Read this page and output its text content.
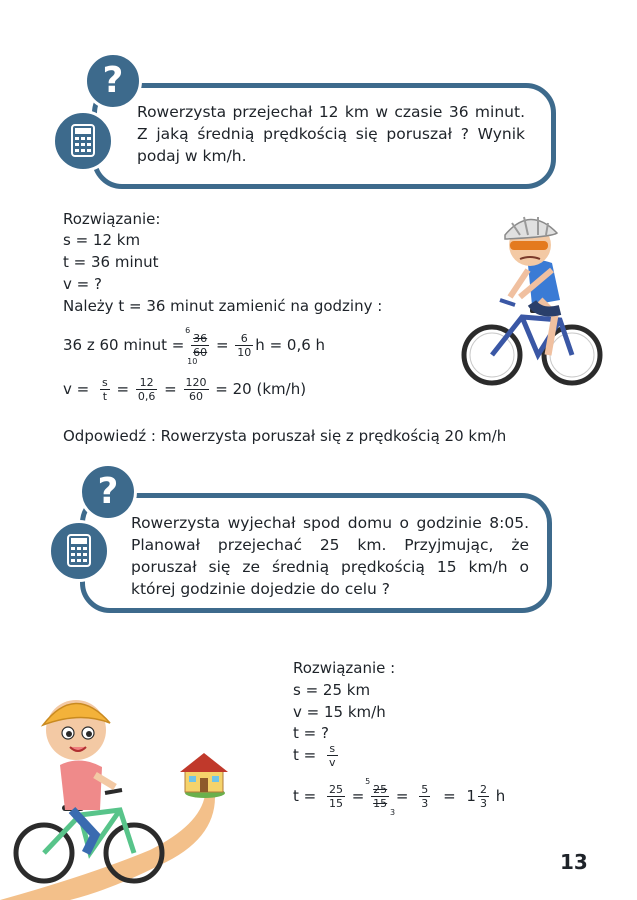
?
Rowerzysta przejechał 12 km w czasie 36 minut. Z jaką średnią prędkością się poruszał ? Wynik podaj w km/h.
Rozwiązanie:
s = 12 km
t = 36 minut
v = ?
Należy t = 36 minut zamienić na godziny :
36 z 60 minut =
6
36
60
10
= $\frac{6}{10}$ h = 0,6 h
$v = \frac{s}{t} = \frac{12}{0,6} = \frac{120}{60} = 20$ (km/h)
Odpowiedź : Rowerzysta poruszał się z prędkością 20 km/h
?
Rowerzysta wyjechał spod domu o godzinie 8:05. Planował przejechać 25 km. Przyjmując, że poruszał się ze średnią prędkością 15 km/h o której godzinie dojedzie do celu ?
Rozwiązanie :
s = 25 km
v = 15 km/h
t = ?
$t = \frac{s}{v}$
$t = \frac{25}{15}$ =
5
25
15
3
= $\frac{5}{3} = 1 \frac{2}{3}$ h
13
